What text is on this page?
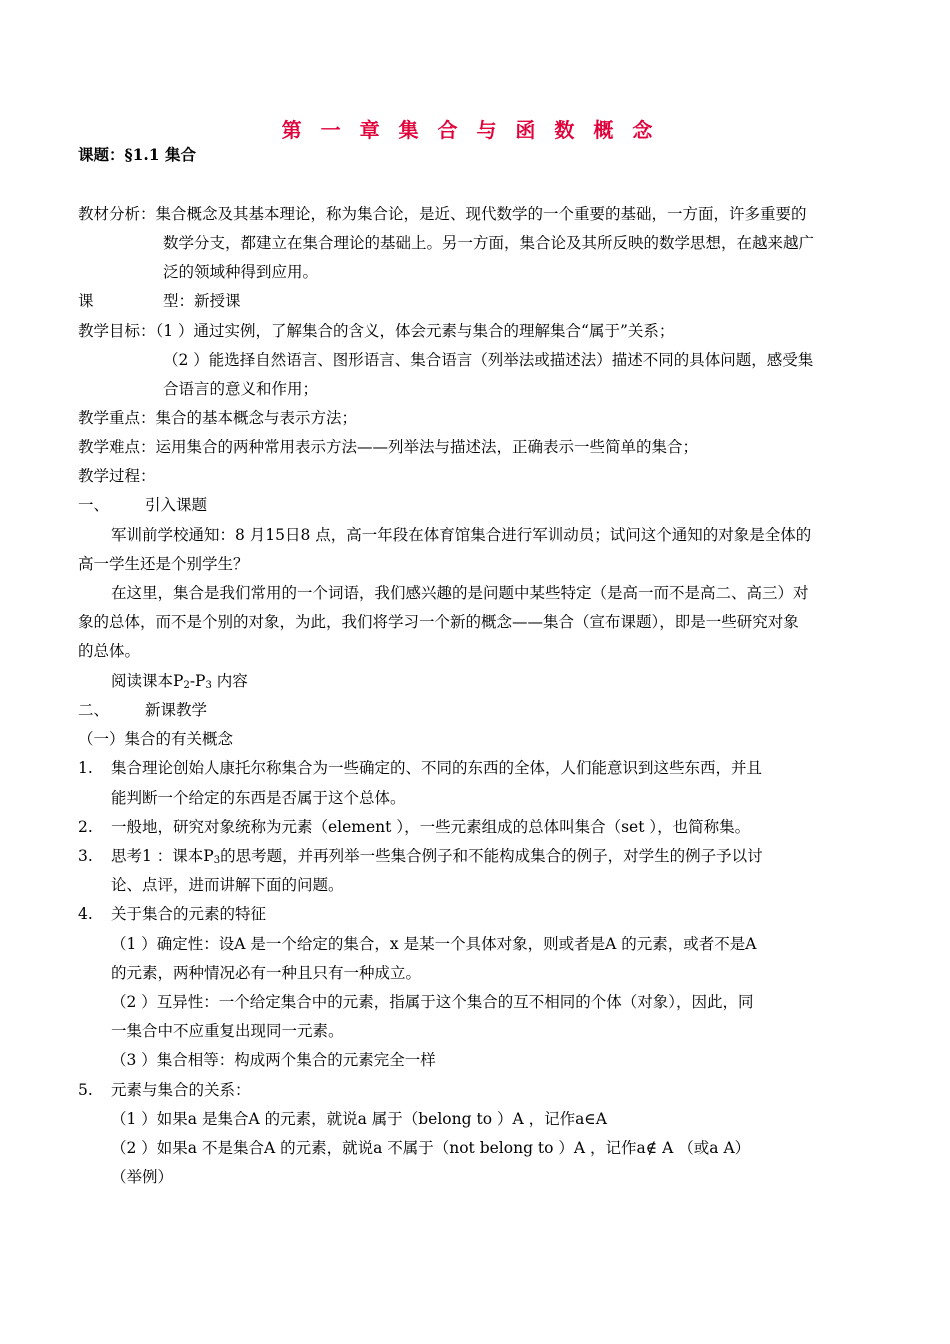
第 一 章 集 合 与 函 数 概 念
课题：§1.1 集合
教材分析：集合概念及其基本理论，称为集合论，是近、现代数学的一个重要的基础，一方面，许多重要的
数学分支，都建立在集合理论的基础上。另一方面，集合论及其所反映的数学思想，在越来越广
泛的领域种得到应用。
课	型：新授课
教学目标：（1 ）通过实例，了解集合的含义，体会元素与集合的理解集合“属于”关系；
（2 ）能选择自然语言、图形语言、集合语言（列举法或描述法）描述不同的具体问题，感受集
合语言的意义和作用；
教学重点：集合的基本概念与表示方法；
教学难点：运用集合的两种常用表示方法——列举法与描述法，正确表示一些简单的集合；
教学过程：
一、 引入课题
军训前学校通知：8 月15日8 点，高一年段在体育馆集合进行军训动员；试问这个通知的对象是全体的
高一学生还是个别学生？
在这里，集合是我们常用的一个词语，我们感兴趣的是问题中某些特定（是高一而不是高二、高三）对
象的总体，而不是个别的对象，为此，我们将学习一个新的概念——集合（宣布课题），即是一些研究对象
的总体。
阅读课本$P_2-P_3$ 内容
二、 新课教学
（一）集合的有关概念
1. 集合理论创始人康托尔称集合为一些确定的、不同的东西的全体，人们能意识到这些东西，并且
能判断一个给定的东西是否属于这个总体。
2. 一般地，研究对象统称为元素（element ），一些元素组成的总体叫集合（set ），也简称集。
3. 思考1 ：课本$P_3$的思考题，并再列举一些集合例子和不能构成集合的例子，对学生的例子予以讨
论、点评，进而讲解下面的问题。
4. 关于集合的元素的特征
（1 ）确定性：设A 是一个给定的集合，x 是某一个具体对象，则或者是A 的元素，或者不是A
的元素，两种情况必有一种且只有一种成立。
（2 ）互异性：一个给定集合中的元素，指属于这个集合的互不相同的个体（对象），因此，同
一集合中不应重复出现同一元素。
（3 ）集合相等：构成两个集合的元素完全一样
5. 元素与集合的关系：
（1 ）如果a 是集合A 的元素，就说a 属于（belong to ）A ，记作a∈A
（2 ）如果a 不是集合A 的元素，就说a 不属于（not belong to ）A ，记作a∉ A （或a A）
（举例）
